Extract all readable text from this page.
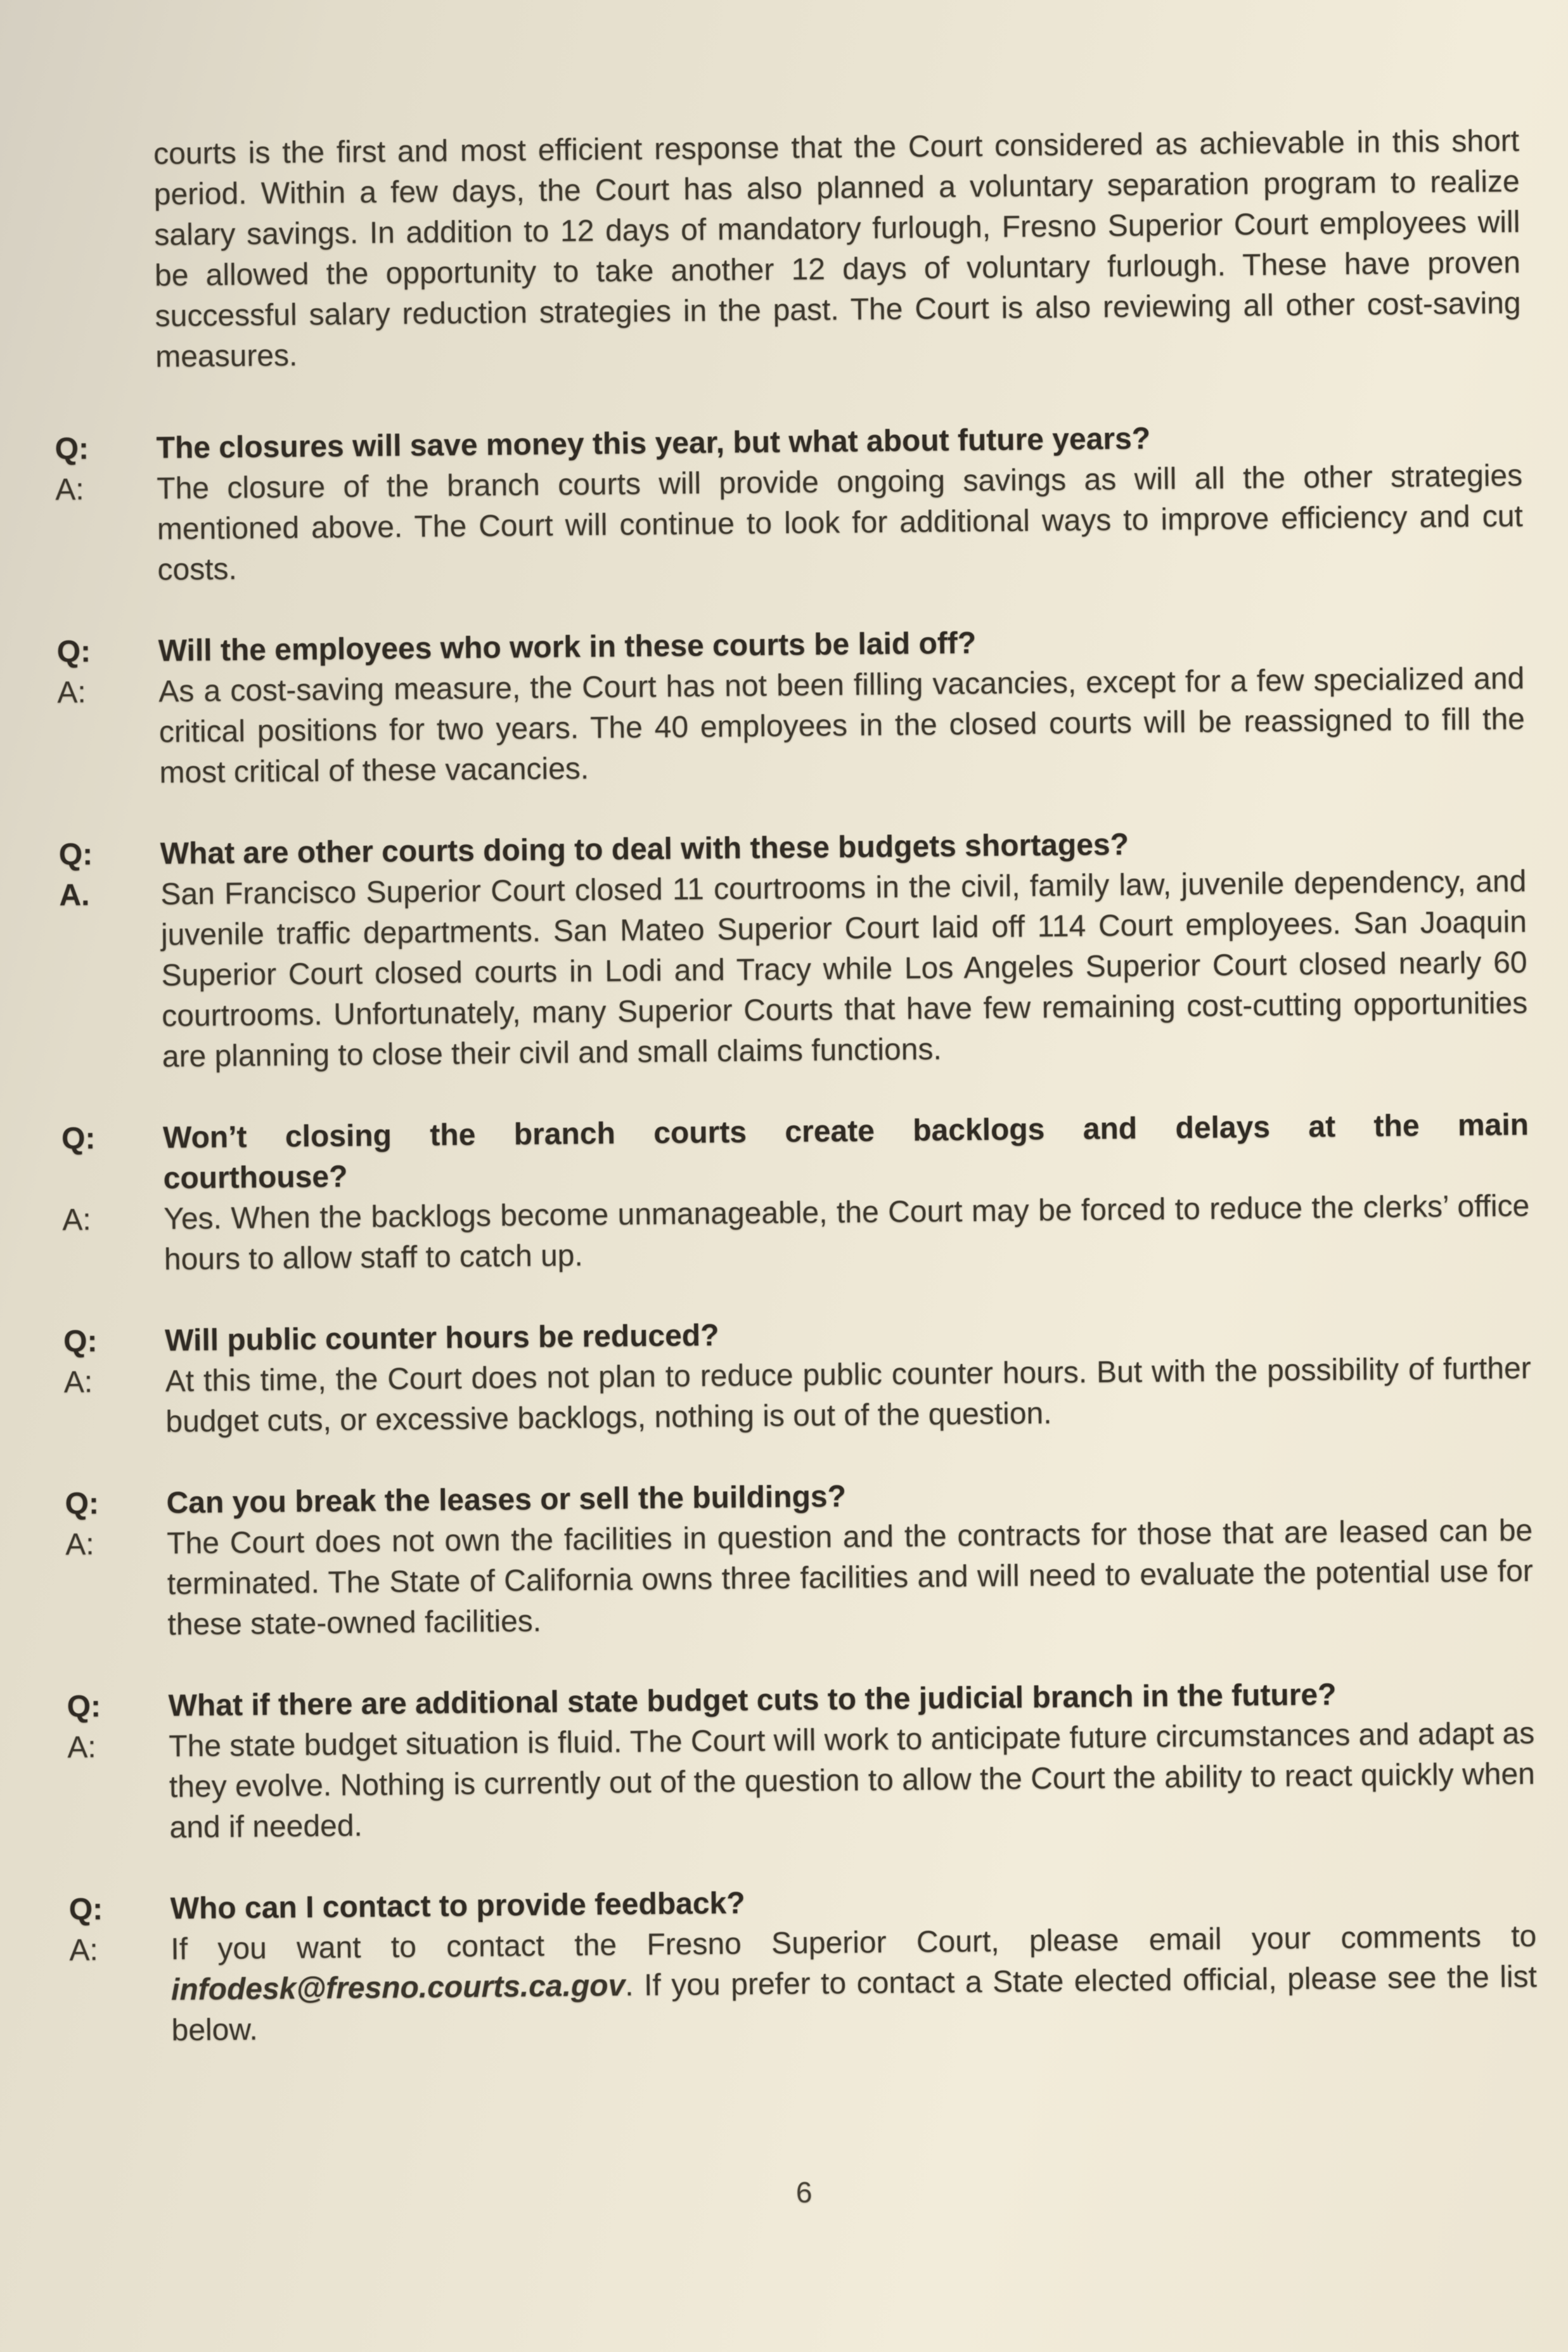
courts is the first and most efficient response that the Court considered as achievable in this short period. Within a few days, the Court has also planned a voluntary separation program to realize salary savings. In addition to 12 days of mandatory furlough, Fresno Superior Court employees will be allowed the opportunity to take another 12 days of voluntary furlough. These have proven successful salary reduction strategies in the past. The Court is also reviewing all other cost-saving measures.

Q:	The closures will save money this year, but what about future years?
A:	The closure of the branch courts will provide ongoing savings as will all the other strategies mentioned above. The Court will continue to look for additional ways to improve efficiency and cut costs.
Q:	Will the employees who work in these courts be laid off?
A:	As a cost-saving measure, the Court has not been filling vacancies, except for a few specialized and critical positions for two years. The 40 employees in the closed courts will be reassigned to fill the most critical of these vacancies.
Q:	What are other courts doing to deal with these budgets shortages?
A.	San Francisco Superior Court closed 11 courtrooms in the civil, family law, juvenile dependency, and juvenile traffic departments. San Mateo Superior Court laid off 114 Court employees. San Joaquin Superior Court closed courts in Lodi and Tracy while Los Angeles Superior Court closed nearly 60 courtrooms. Unfortunately, many Superior Courts that have few remaining cost-cutting opportunities are planning to close their civil and small claims functions.
Q:	Won’t closing the branch courts create backlogs and delays at the main
courthouse?
A:	Yes. When the backlogs become unmanageable, the Court may be forced to reduce the clerks’ office hours to allow staff to catch up.
Q:	Will public counter hours be reduced?
A:	At this time, the Court does not plan to reduce public counter hours. But with the possibility of further budget cuts, or excessive backlogs, nothing is out of the question.
Q:	Can you break the leases or sell the buildings?
A:	The Court does not own the facilities in question and the contracts for those that are leased can be terminated. The State of California owns three facilities and will need to evaluate the potential use for these state-owned facilities.
Q:	What if there are additional state budget cuts to the judicial branch in the future?
A:	The state budget situation is fluid. The Court will work to anticipate future circumstances and adapt as they evolve. Nothing is currently out of the question to allow the Court the ability to react quickly when and if needed.
Q:	Who can I contact to provide feedback?
A:	If you want to contact the Fresno Superior Court, please email your comments to infodesk@fresno.courts.ca.gov. If you prefer to contact a State elected official, please see the list below.
6
